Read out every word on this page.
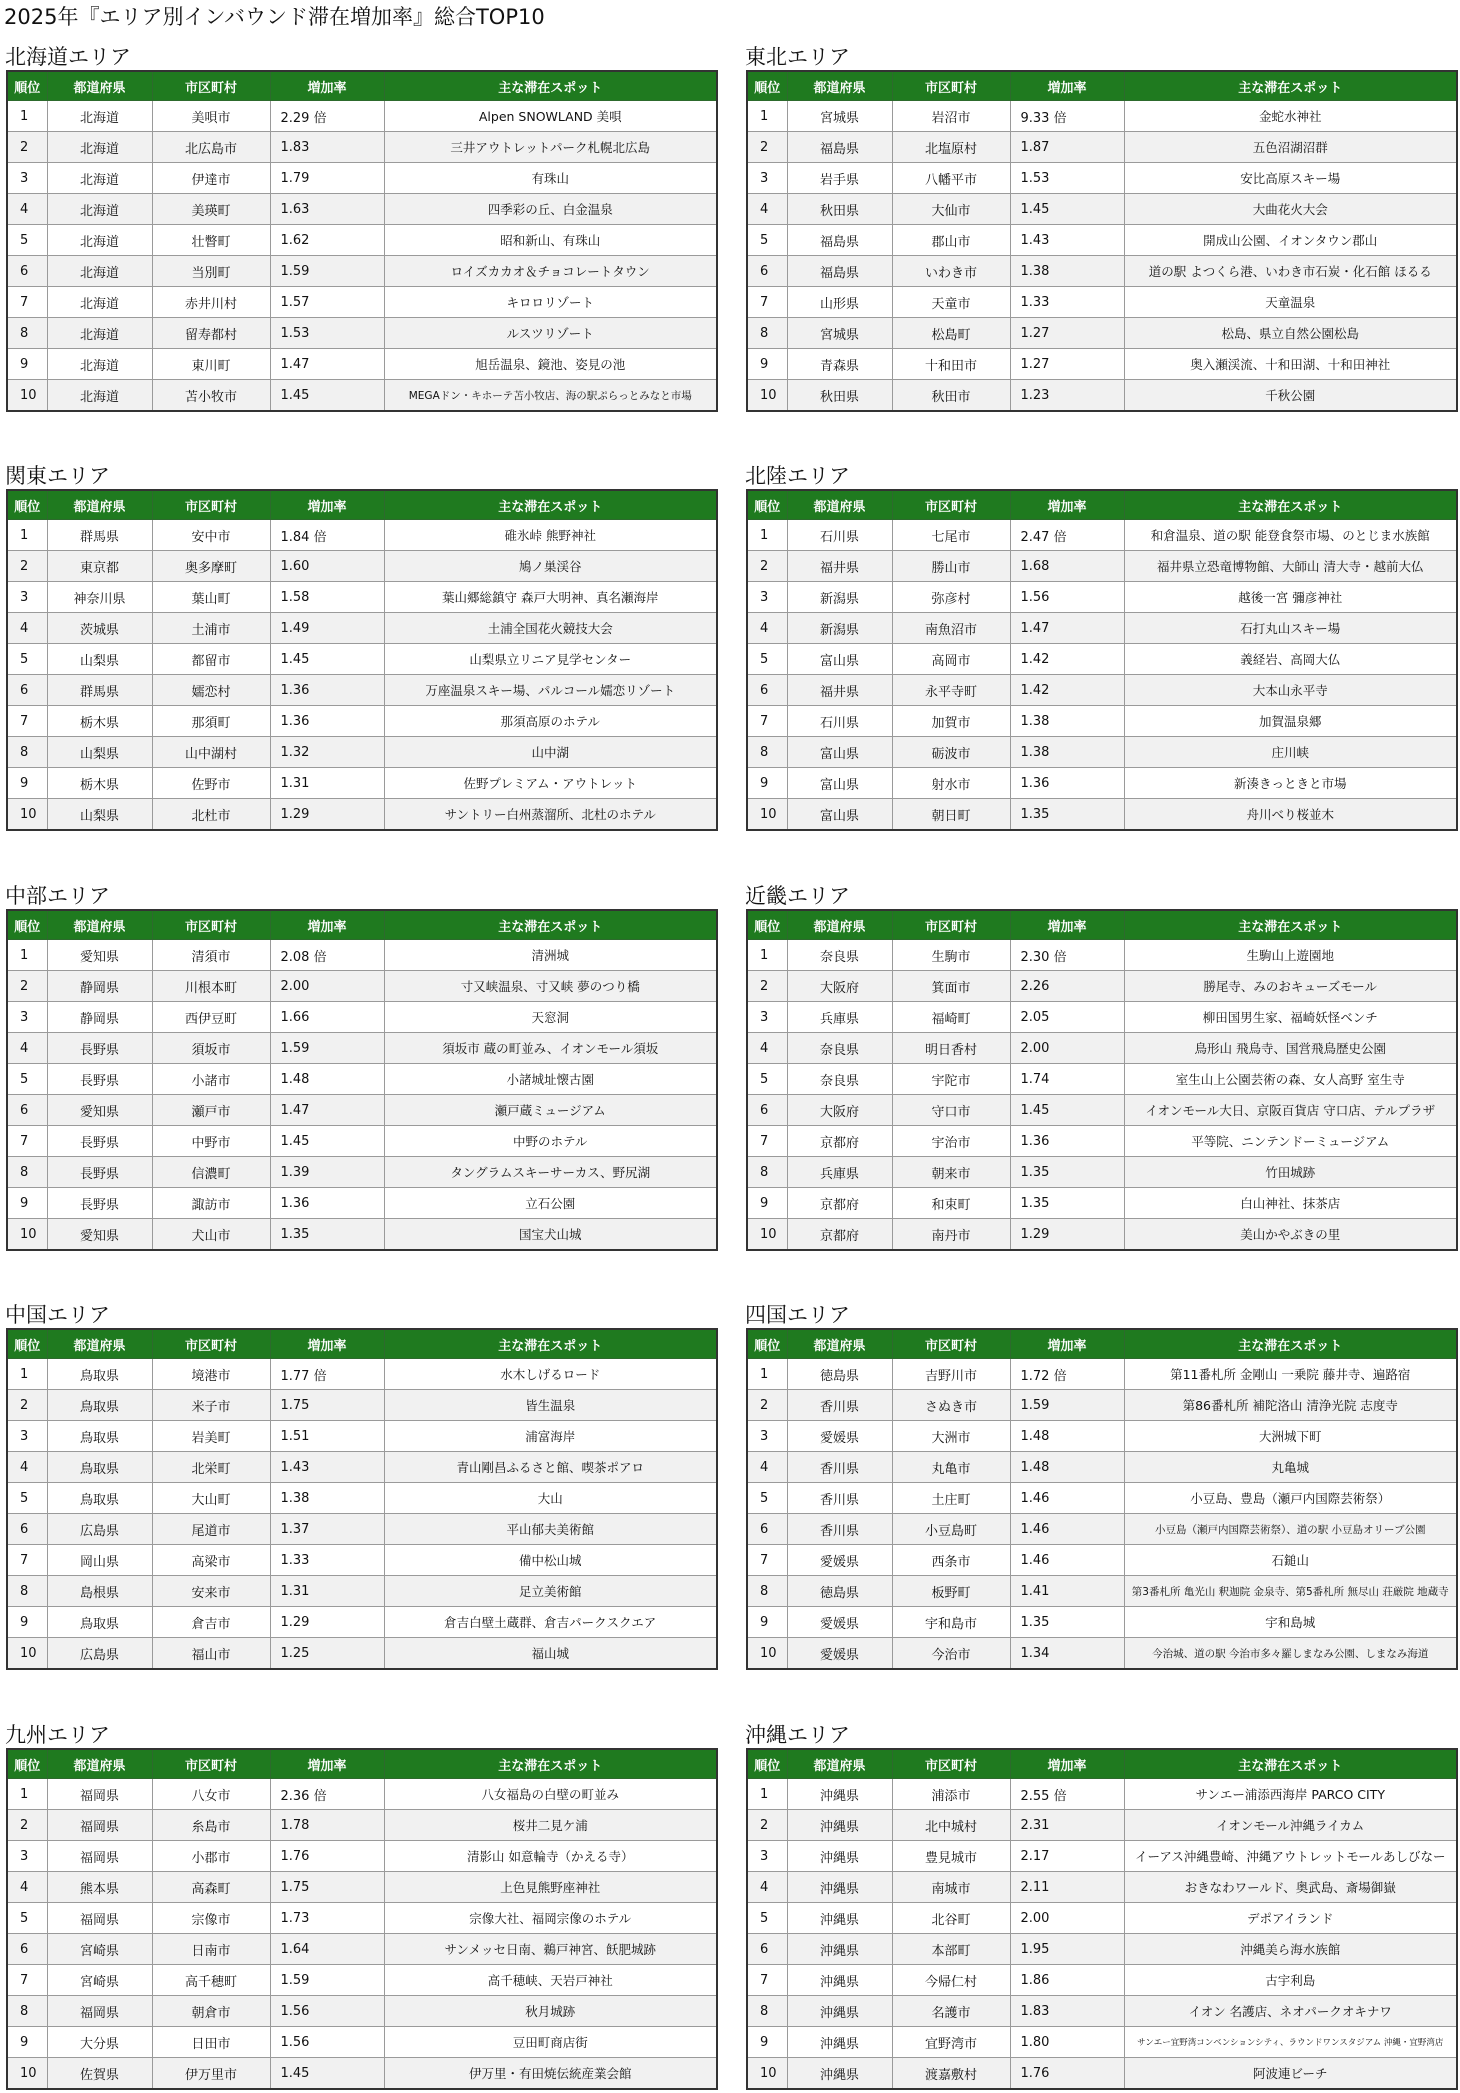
2025年『エリア別インバウンド滞在増加率』総合TOP10
北海道エリア
順位	都道府県	市区町村	増加率	主な滞在スポット
1	北海道	美唄市	2.29 倍	Alpen SNOWLAND 美唄
2	北海道	北広島市	1.83	三井アウトレットパーク札幌北広島
3	北海道	伊達市	1.79	有珠山
4	北海道	美瑛町	1.63	四季彩の丘、白金温泉
5	北海道	壮瞥町	1.62	昭和新山、有珠山
6	北海道	当別町	1.59	ロイズカカオ＆チョコレートタウン
7	北海道	赤井川村	1.57	キロロリゾート
8	北海道	留寿都村	1.53	ルスツリゾート
9	北海道	東川町	1.47	旭岳温泉、鏡池、姿見の池
10	北海道	苫小牧市	1.45	MEGAドン・キホーテ苫小牧店、海の駅ぷらっとみなと市場
東北エリア
順位	都道府県	市区町村	増加率	主な滞在スポット
1	宮城県	岩沼市	9.33 倍	金蛇水神社
2	福島県	北塩原村	1.87	五色沼湖沼群
3	岩手県	八幡平市	1.53	安比高原スキー場
4	秋田県	大仙市	1.45	大曲花火大会
5	福島県	郡山市	1.43	開成山公園、イオンタウン郡山
6	福島県	いわき市	1.38	道の駅 よつくら港、いわき市石炭・化石館 ほるる
7	山形県	天童市	1.33	天童温泉
8	宮城県	松島町	1.27	松島、県立自然公園松島
9	青森県	十和田市	1.27	奥入瀬渓流、十和田湖、十和田神社
10	秋田県	秋田市	1.23	千秋公園
関東エリア
順位	都道府県	市区町村	増加率	主な滞在スポット
1	群馬県	安中市	1.84 倍	碓氷峠 熊野神社
2	東京都	奥多摩町	1.60	鳩ノ巣渓谷
3	神奈川県	葉山町	1.58	葉山郷総鎮守 森戸大明神、真名瀬海岸
4	茨城県	土浦市	1.49	土浦全国花火競技大会
5	山梨県	都留市	1.45	山梨県立リニア見学センター
6	群馬県	嬬恋村	1.36	万座温泉スキー場、パルコール嬬恋リゾート
7	栃木県	那須町	1.36	那須高原のホテル
8	山梨県	山中湖村	1.32	山中湖
9	栃木県	佐野市	1.31	佐野プレミアム・アウトレット
10	山梨県	北杜市	1.29	サントリー白州蒸溜所、北杜のホテル
北陸エリア
順位	都道府県	市区町村	増加率	主な滞在スポット
1	石川県	七尾市	2.47 倍	和倉温泉、道の駅 能登食祭市場、のとじま水族館
2	福井県	勝山市	1.68	福井県立恐竜博物館、大師山 清大寺・越前大仏
3	新潟県	弥彦村	1.56	越後一宮 彌彦神社
4	新潟県	南魚沼市	1.47	石打丸山スキー場
5	富山県	高岡市	1.42	義経岩、高岡大仏
6	福井県	永平寺町	1.42	大本山永平寺
7	石川県	加賀市	1.38	加賀温泉郷
8	富山県	砺波市	1.38	庄川峡
9	富山県	射水市	1.36	新湊きっときと市場
10	富山県	朝日町	1.35	舟川べり桜並木
中部エリア
順位	都道府県	市区町村	増加率	主な滞在スポット
1	愛知県	清須市	2.08 倍	清洲城
2	静岡県	川根本町	2.00	寸又峡温泉、寸又峡 夢のつり橋
3	静岡県	西伊豆町	1.66	天窓洞
4	長野県	須坂市	1.59	須坂市 蔵の町並み、イオンモール須坂
5	長野県	小諸市	1.48	小諸城址懐古園
6	愛知県	瀬戸市	1.47	瀬戸蔵ミュージアム
7	長野県	中野市	1.45	中野のホテル
8	長野県	信濃町	1.39	タングラムスキーサーカス、野尻湖
9	長野県	諏訪市	1.36	立石公園
10	愛知県	犬山市	1.35	国宝犬山城
近畿エリア
順位	都道府県	市区町村	増加率	主な滞在スポット
1	奈良県	生駒市	2.30 倍	生駒山上遊園地
2	大阪府	箕面市	2.26	勝尾寺、みのおキューズモール
3	兵庫県	福崎町	2.05	柳田国男生家、福崎妖怪ベンチ
4	奈良県	明日香村	2.00	鳥形山 飛鳥寺、国営飛鳥歴史公園
5	奈良県	宇陀市	1.74	室生山上公園芸術の森、女人高野 室生寺
6	大阪府	守口市	1.45	イオンモール大日、京阪百貨店 守口店、テルプラザ
7	京都府	宇治市	1.36	平等院、ニンテンドーミュージアム
8	兵庫県	朝来市	1.35	竹田城跡
9	京都府	和束町	1.35	白山神社、抹茶店
10	京都府	南丹市	1.29	美山かやぶきの里
中国エリア
順位	都道府県	市区町村	増加率	主な滞在スポット
1	鳥取県	境港市	1.77 倍	水木しげるロード
2	鳥取県	米子市	1.75	皆生温泉
3	鳥取県	岩美町	1.51	浦富海岸
4	鳥取県	北栄町	1.43	青山剛昌ふるさと館、喫茶ポアロ
5	鳥取県	大山町	1.38	大山
6	広島県	尾道市	1.37	平山郁夫美術館
7	岡山県	高梁市	1.33	備中松山城
8	島根県	安来市	1.31	足立美術館
9	鳥取県	倉吉市	1.29	倉吉白壁土蔵群、倉吉パークスクエア
10	広島県	福山市	1.25	福山城
四国エリア
順位	都道府県	市区町村	増加率	主な滞在スポット
1	徳島県	吉野川市	1.72 倍	第11番札所 金剛山 一乗院 藤井寺、遍路宿
2	香川県	さぬき市	1.59	第86番札所 補陀洛山 清浄光院 志度寺
3	愛媛県	大洲市	1.48	大洲城下町
4	香川県	丸亀市	1.48	丸亀城
5	香川県	土庄町	1.46	小豆島、豊島（瀬戸内国際芸術祭）
6	香川県	小豆島町	1.46	小豆島（瀬戸内国際芸術祭）、道の駅 小豆島オリーブ公園
7	愛媛県	西条市	1.46	石鎚山
8	徳島県	板野町	1.41	第3番札所 亀光山 釈迦院 金泉寺、第5番札所 無尽山 荘厳院 地蔵寺
9	愛媛県	宇和島市	1.35	宇和島城
10	愛媛県	今治市	1.34	今治城、道の駅 今治市多々羅しまなみ公園、しまなみ海道
九州エリア
順位	都道府県	市区町村	増加率	主な滞在スポット
1	福岡県	八女市	2.36 倍	八女福島の白壁の町並み
2	福岡県	糸島市	1.78	桜井二見ケ浦
3	福岡県	小郡市	1.76	清影山 如意輪寺（かえる寺）
4	熊本県	高森町	1.75	上色見熊野座神社
5	福岡県	宗像市	1.73	宗像大社、福岡宗像のホテル
6	宮崎県	日南市	1.64	サンメッセ日南、鵜戸神宮、飫肥城跡
7	宮崎県	高千穂町	1.59	高千穂峡、天岩戸神社
8	福岡県	朝倉市	1.56	秋月城跡
9	大分県	日田市	1.56	豆田町商店街
10	佐賀県	伊万里市	1.45	伊万里・有田焼伝統産業会館
沖縄エリア
順位	都道府県	市区町村	増加率	主な滞在スポット
1	沖縄県	浦添市	2.55 倍	サンエー浦添西海岸 PARCO CITY
2	沖縄県	北中城村	2.31	イオンモール沖縄ライカム
3	沖縄県	豊見城市	2.17	イーアス沖縄豊崎、沖縄アウトレットモールあしびなー
4	沖縄県	南城市	2.11	おきなわワールド、奥武島、斎場御嶽
5	沖縄県	北谷町	2.00	デポアイランド
6	沖縄県	本部町	1.95	沖縄美ら海水族館
7	沖縄県	今帰仁村	1.86	古宇利島
8	沖縄県	名護市	1.83	イオン 名護店、ネオパークオキナワ
9	沖縄県	宜野湾市	1.80	サンエー宜野湾コンベンションシティ、ラウンドワンスタジアム 沖縄・宜野湾店
10	沖縄県	渡嘉敷村	1.76	阿波連ビーチ
